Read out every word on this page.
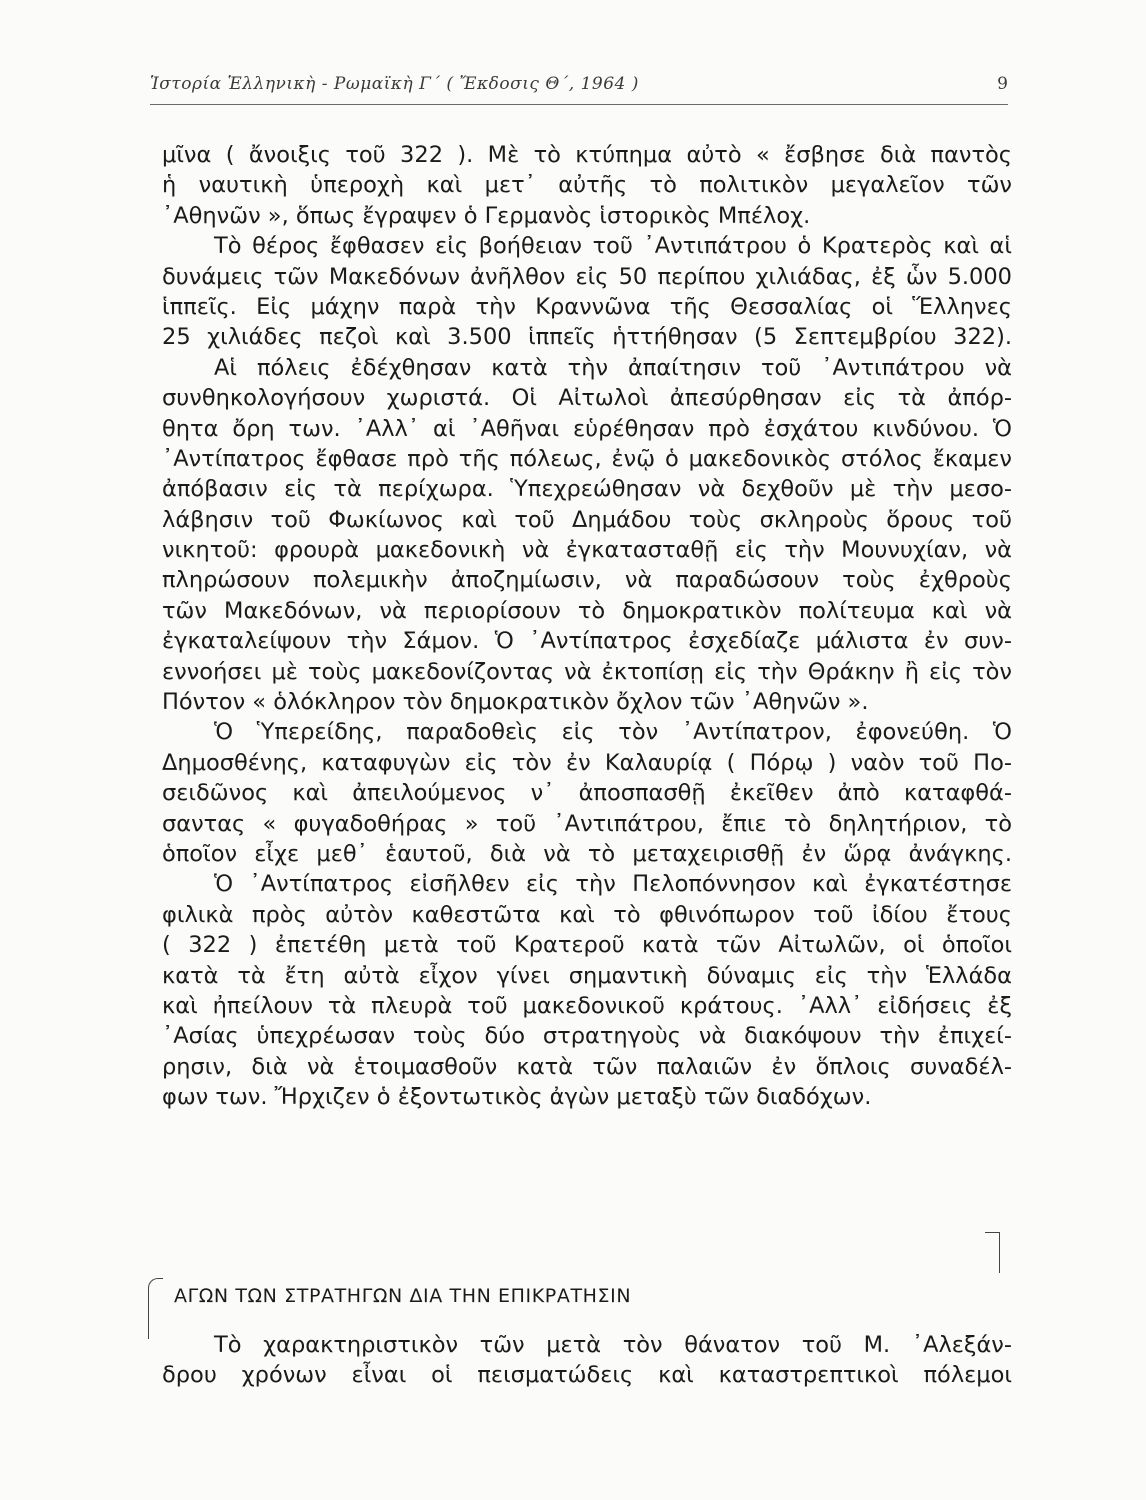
Ἱστορία Ἑλληνικὴ - Ρωμαϊκὴ Γ΄ ( Ἔκδοσις Θ΄, 1964 )	9
μῖνα ( ἄνοιξις τοῦ 322 ). Μὲ τὸ κτύπημα αὐτὸ « ἔσβησε διὰ παντὸς
ἡ ναυτικὴ ὑπεροχὴ καὶ μετ᾿ αὐτῆς τὸ πολιτικὸν μεγαλεῖον τῶν
᾿Αθηνῶν », ὅπως ἔγραψεν ὁ Γερμανὸς ἱστορικὸς Μπέλοχ.
Τὸ θέρος ἔφθασεν εἰς βοήθειαν τοῦ ᾿Αντιπάτρου ὁ Κρατερὸς καὶ αἱ
δυνάμεις τῶν Μακεδόνων ἀνῆλθον εἰς 50 περίπου χιλιάδας, ἐξ ὧν 5.000
ἱππεῖς. Εἰς μάχην παρὰ τὴν Κραννῶνα τῆς Θεσσαλίας οἱ Ἕλληνες
25 χιλιάδες πεζοὶ καὶ 3.500 ἱππεῖς ἡττήθησαν (5 Σεπτεμβρίου 322).
Αἱ πόλεις ἐδέχθησαν κατὰ τὴν ἀπαίτησιν τοῦ ᾿Αντιπάτρου νὰ
συνθηκολογήσουν χωριστά. Οἱ Αἰτωλοὶ ἀπεσύρθησαν εἰς τὰ ἀπόρ-
θητα ὄρη των. ᾿Αλλ᾿ αἱ ᾿Αθῆναι εὑρέθησαν πρὸ ἐσχάτου κινδύνου. Ὁ
᾿Αντίπατρος ἔφθασε πρὸ τῆς πόλεως, ἐνῷ ὁ μακεδονικὸς στόλος ἔκαμεν
ἀπόβασιν εἰς τὰ περίχωρα. Ὑπεχρεώθησαν νὰ δεχθοῦν μὲ τὴν μεσο-
λάβησιν τοῦ Φωκίωνος καὶ τοῦ Δημάδου τοὺς σκληροὺς ὅρους τοῦ
νικητοῦ: φρουρὰ μακεδονικὴ νὰ ἐγκατασταθῇ εἰς τὴν Μουνυχίαν, νὰ
πληρώσουν πολεμικὴν ἀποζημίωσιν, νὰ παραδώσουν τοὺς ἐχθροὺς
τῶν Μακεδόνων, νὰ περιορίσουν τὸ δημοκρατικὸν πολίτευμα καὶ νὰ
ἐγκαταλείψουν τὴν Σάμον. Ὁ ᾿Αντίπατρος ἐσχεδίαζε μάλιστα ἐν συν-
εννοήσει μὲ τοὺς μακεδονίζοντας νὰ ἐκτοπίσῃ εἰς τὴν Θράκην ἢ εἰς τὸν
Πόντον « ὁλόκληρον τὸν δημοκρατικὸν ὄχλον τῶν ᾿Αθηνῶν ».
Ὁ Ὑπερείδης, παραδοθεὶς εἰς τὸν ᾿Αντίπατρον, ἐφονεύθη. Ὁ
Δημοσθένης, καταφυγὼν εἰς τὸν ἐν Καλαυρίᾳ ( Πόρῳ ) ναὸν τοῦ Πο-
σειδῶνος καὶ ἀπειλούμενος ν᾿ ἀποσπασθῇ ἐκεῖθεν ἀπὸ καταφθά-
σαντας « φυγαδοθήρας » τοῦ ᾿Αντιπάτρου, ἔπιε τὸ δηλητήριον, τὸ
ὁποῖον εἶχε μεθ᾿ ἑαυτοῦ, διὰ νὰ τὸ μεταχειρισθῇ ἐν ὥρᾳ ἀνάγκης.
Ὁ ᾿Αντίπατρος εἰσῆλθεν εἰς τὴν Πελοπόννησον καὶ ἐγκατέστησε
φιλικὰ πρὸς αὐτὸν καθεστῶτα καὶ τὸ φθινόπωρον τοῦ ἰδίου ἔτους
( 322 ) ἐπετέθη μετὰ τοῦ Κρατεροῦ κατὰ τῶν Αἰτωλῶν, οἱ ὁποῖοι
κατὰ τὰ ἔτη αὐτὰ εἶχον γίνει σημαντικὴ δύναμις εἰς τὴν Ἑλλάδα
καὶ ἠπείλουν τὰ πλευρὰ τοῦ μακεδονικοῦ κράτους. ᾿Αλλ᾿ εἰδήσεις ἐξ
᾿Ασίας ὑπεχρέωσαν τοὺς δύο στρατηγοὺς νὰ διακόψουν τὴν ἐπιχεί-
ρησιν, διὰ νὰ ἑτοιμασθοῦν κατὰ τῶν παλαιῶν ἐν ὅπλοις συναδέλ-
φων των. Ἤρχιζεν ὁ ἐξοντωτικὸς ἀγὼν μεταξὺ τῶν διαδόχων.
ΑΓΩΝ ΤΩΝ ΣΤΡΑΤΗΓΩΝ ΔΙΑ ΤΗΝ ΕΠΙΚΡΑΤΗΣΙΝ
Τὸ χαρακτηριστικὸν τῶν μετὰ τὸν θάνατον τοῦ Μ. ᾿Αλεξάν-
δρου χρόνων εἶναι οἱ πεισματώδεις καὶ καταστρεπτικοὶ πόλεμοι
